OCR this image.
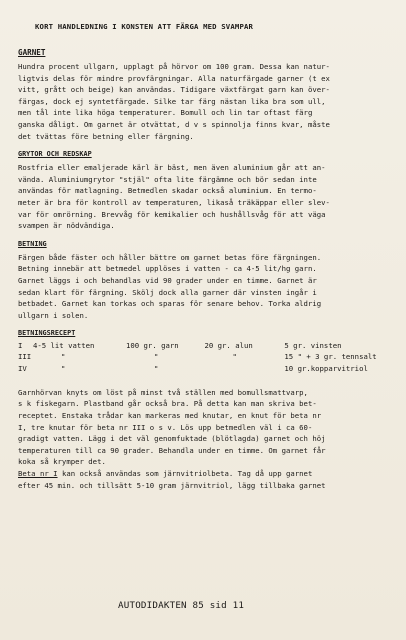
KORT HANDLEDNING I KONSTEN ATT FÄRGA MED SVAMPAR
GARNET
Hundra procent ullgarn, upplagt på hörvor om 100 gram. Dessa kan natur-
ligtvis delas för mindre provfärgningar. Alla naturfärgade garner (t ex
vitt, grått och beige) kan användas. Tidigare växtfärgat garn kan över-
färgas, dock ej syntetfärgade. Silke tar färg nästan lika bra som ull,
men tål inte lika höga temperaturer. Bomull och lin tar oftast färg
ganska dåligt. Om garnet är otvättat, d v s spinnolja finns kvar, måste
det tvättas före betning eller färgning.
GRYTOR OCH REDSKAP
Rostfria eller emaljerade kärl är bäst, men även aluminium går att an-
vända. Aluminiumgrytor "stjäl" ofta lite färgämne och bör sedan inte
användas för matlagning. Betmedlen skadar också aluminium. En termo-
meter är bra för kontroll av temperaturen, likaså träkäppar eller slev-
var för omrörning. Brevvåg för kemikalier och hushållsvåg för att väga
svampen är nödvändiga.
BETNING
Färgen både fäster och håller bättre om garnet betas före färgningen.
Betning innebär att betmedel upplöses i vatten - ca 4-5 lit/hg garn.
Garnet läggs i och behandlas vid 90 grader under en timme. Garnet är
sedan klart för färgning. Skölj dock alla garner där vinsten ingår i
betbadet. Garnet kan torkas och sparas för senare behov. Torka aldrig
ullgarn i solen.
BETNINGSRECEPT
I	4-5 lit vatten	100 gr. garn	20 gr. alun	5 gr. vinsten
III	"	"	"	15 " + 3 gr. tennsalt
IV	"	"		10 gr.kopparvitriol
Garnhörvan knyts om löst på minst två ställen med bomullsmattvarp,
s k fiskegarn. Plastband går också bra. På detta kan man skriva bet-
receptet. Enstaka trådar kan markeras med knutar, en knut för beta nr
I, tre knutar för beta nr III o s v. Lös upp betmedlen väl i ca 60-
gradigt vatten. Lägg i det väl genomfuktade (blötlagda) garnet och höj
temperaturen till ca 90 grader. Behandla under en timme. Om garnet får
koka så krymper det.
Beta nr I kan också användas som järnvitriolbeta. Tag då upp garnet
efter 45 min. och tillsätt 5-10 gram järnvitriol, lägg tillbaka garnet
AUTODIDAKTEN 85 sid 11
